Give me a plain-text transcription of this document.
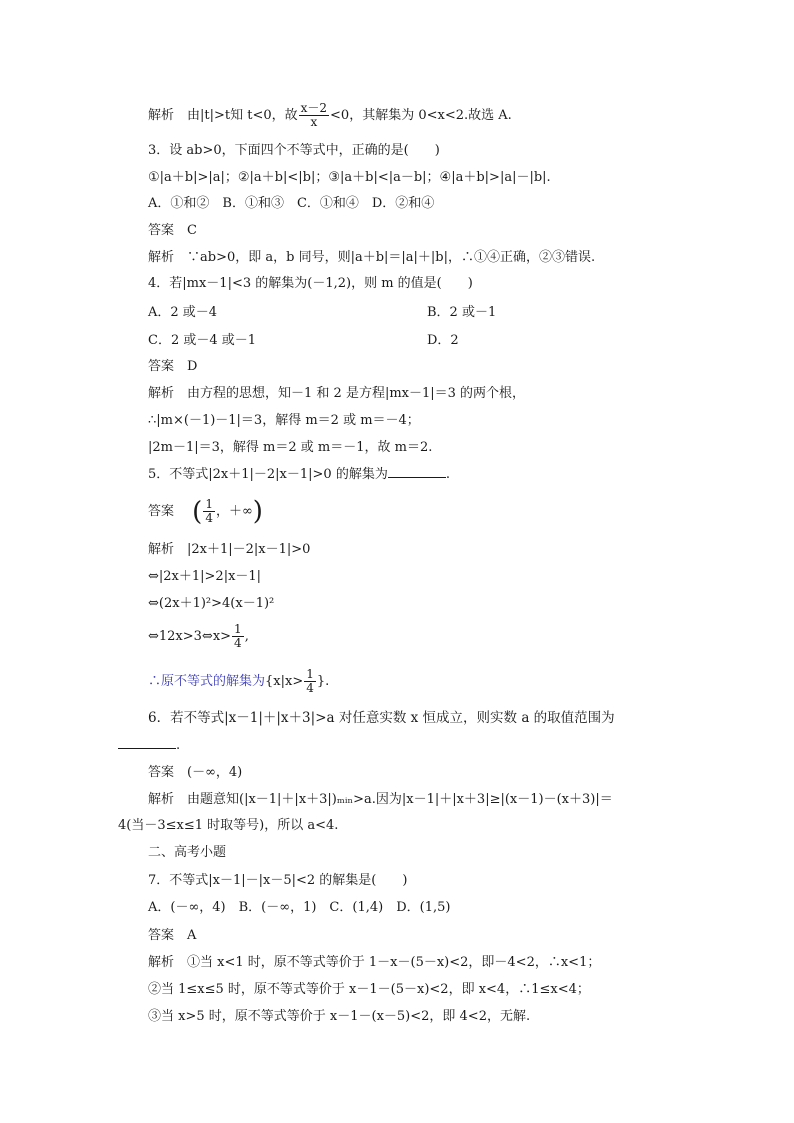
解析　由|t|>t知 t<0，故 $\frac{x-2}{x} <0$，其解集为 0<x<2.故选 A.
3．设 ab>0，下面四个不等式中，正确的是(　　)
①|a＋b|>|a|；②|a＋b|<|b|；③|a＋b|<|a－b|；④|a＋b|>|a|－|b|.
A．①和②　B．①和③　C．①和④　D．②和④
答案　C
解析　∵ab>0，即 a，b 同号，则|a＋b|＝|a|＋|b|，∴①④正确，②③错误.
4．若|mx－1|<3 的解集为(－1,2)，则 m 的值是(　　)
A．2 或－4	B．2 或－1
C．2 或－4 或－1	D．2
答案　D
解析　由方程的思想，知－1 和 2 是方程|mx－1|＝3 的两个根，
∴|m×(－1)－1|＝3，解得 m＝2 或 m＝－4；
|2m－1|＝3，解得 m＝2 或 m＝－1，故 m＝2.
5．不等式|2x＋1|－2|x－1|>0 的解集为	.
答案 ( $\frac{1}{4}$ ，＋∞)
解析　|2x＋1|－2|x－1|>0
⇔|2x＋1|>2|x－1|
⇔(2x＋1)²>4(x－1)²
⇔12x>3⇔x> $\frac{1}{4}$ ,
∴原不等式的解集为{$x|x> \frac{1}{4}$ }.
6．若不等式|x－1|＋|x＋3|>a 对任意实数 x 恒成立，则实数 a 的取值范围为
.
答案　(－∞，4)
解析　由题意知(|x－1|＋|x＋3|)ₘᵢₙ>a.因为|x－1|＋|x＋3|≥|(x－1)－(x＋3)|＝
4(当－3≤x≤1 时取等号)，所以 a<4.
二、高考小题
7．不等式|x－1|－|x－5|<2 的解集是(　　)
A．(－∞，4)　B．(－∞，1)　C．(1,4)　D．(1,5)
答案　A
解析　①当 x<1 时，原不等式等价于 1－x－(5－x)<2，即－4<2，∴x<1；
②当 1≤x≤5 时，原不等式等价于 x－1－(5－x)<2，即 x<4，∴1≤x<4；
③当 x>5 时，原不等式等价于 x－1－(x－5)<2，即 4<2，无解.
